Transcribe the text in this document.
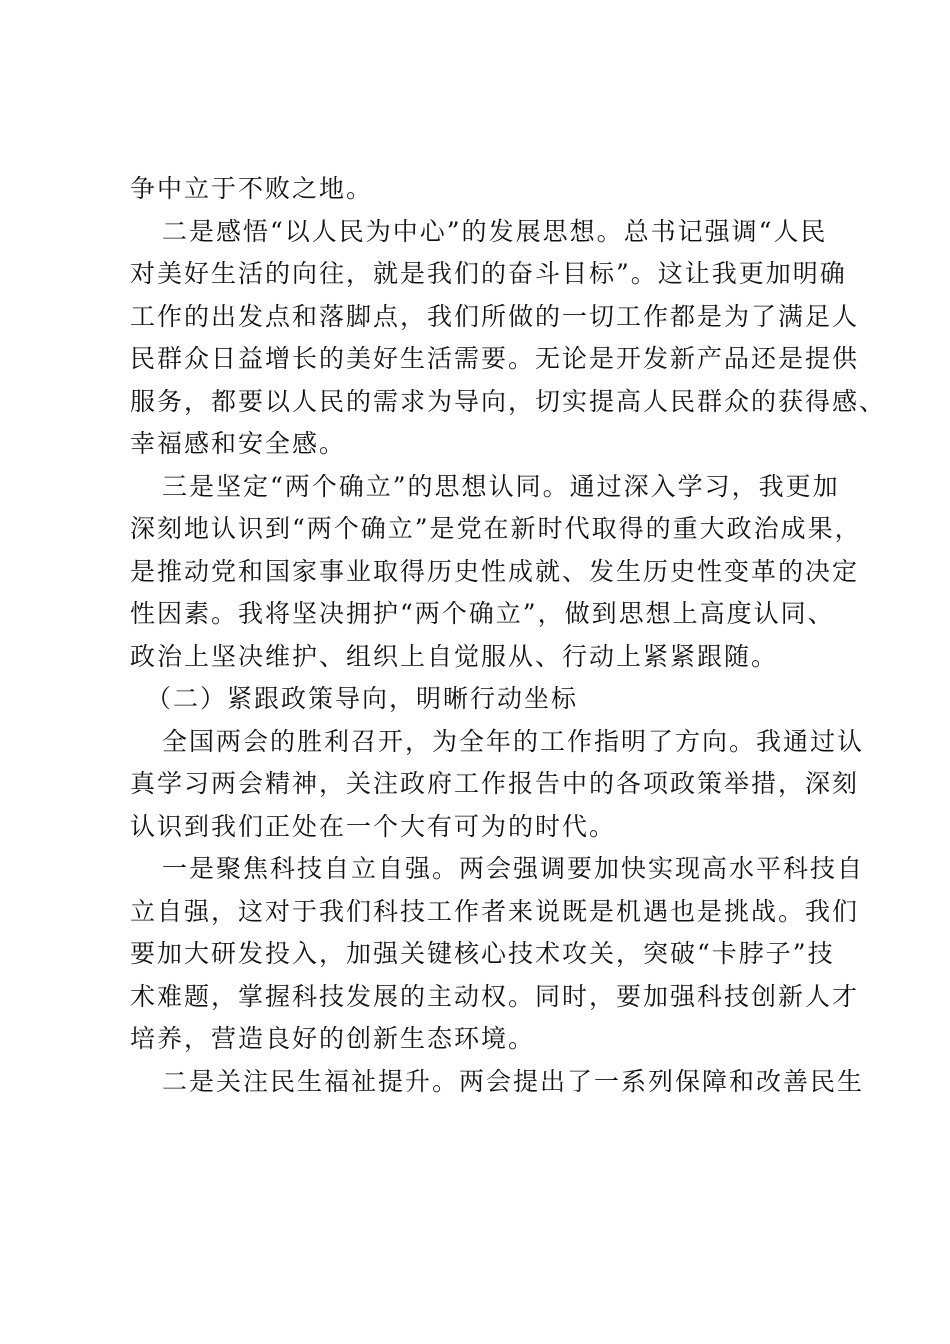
争中立于不败之地。
二是感悟“以人民为中心”的发展思想。总书记强调“人民
对美好生活的向往，就是我们的奋斗目标”。这让我更加明确
工作的出发点和落脚点，我们所做的一切工作都是为了满足人
民群众日益增长的美好生活需要。无论是开发新产品还是提供
服务，都要以人民的需求为导向，切实提高人民群众的获得感、
幸福感和安全感。
三是坚定“两个确立”的思想认同。通过深入学习，我更加
深刻地认识到“两个确立”是党在新时代取得的重大政治成果，
是推动党和国家事业取得历史性成就、发生历史性变革的决定
性因素。我将坚决拥护“两个确立”，做到思想上高度认同、
政治上坚决维护、组织上自觉服从、行动上紧紧跟随。
（二）紧跟政策导向，明晰行动坐标
全国两会的胜利召开，为全年的工作指明了方向。我通过认
真学习两会精神，关注政府工作报告中的各项政策举措，深刻
认识到我们正处在一个大有可为的时代。
一是聚焦科技自立自强。两会强调要加快实现高水平科技自
立自强，这对于我们科技工作者来说既是机遇也是挑战。我们
要加大研发投入，加强关键核心技术攻关，突破“卡脖子”技
术难题，掌握科技发展的主动权。同时，要加强科技创新人才
培养，营造良好的创新生态环境。
二是关注民生福祉提升。两会提出了一系列保障和改善民生
